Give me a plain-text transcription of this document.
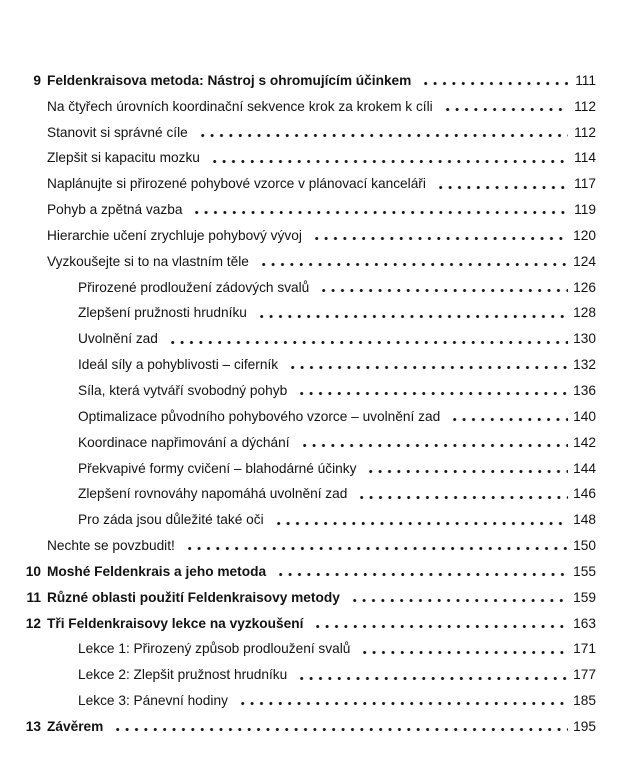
9 Feldenkraisova metoda: Nástroj s ohromujícím účinkem	111
Na čtyřech úrovních koordinační sekvence krok za krokem k cíli	112
Stanovit si správné cíle	112
Zlepšit si kapacitu mozku	114
Naplánujte si přirozené pohybové vzorce v plánovací kanceláři	117
Pohyb a zpětná vazba	119
Hierarchie učení zrychluje pohybový vývoj	120
Vyzkoušejte si to na vlastním těle	124
Přirozené prodloužení zádových svalů	126
Zlepšení pružnosti hrudníku	128
Uvolnění zad	130
Ideál síly a pohyblivosti – ciferník	132
Síla, která vytváří svobodný pohyb	136
Optimalizace původního pohybového vzorce – uvolnění zad	140
Koordinace napřimování a dýchání	142
Překvapivé formy cvičení – blahodárné účinky	144
Zlepšení rovnováhy napomáhá uvolnění zad	146
Pro záda jsou důležité také oči	148
Nechte se povzbudit!	150
10 Moshé Feldenkrais a jeho metoda	155
11 Různé oblasti použití Feldenkraisovy metody	159
12 Tři Feldenkraisovy lekce na vyzkoušení	163
Lekce 1: Přirozený způsob prodloužení svalů	171
Lekce 2: Zlepšit pružnost hrudníku	177
Lekce 3: Pánevní hodiny	185
13 Závěrem	195
